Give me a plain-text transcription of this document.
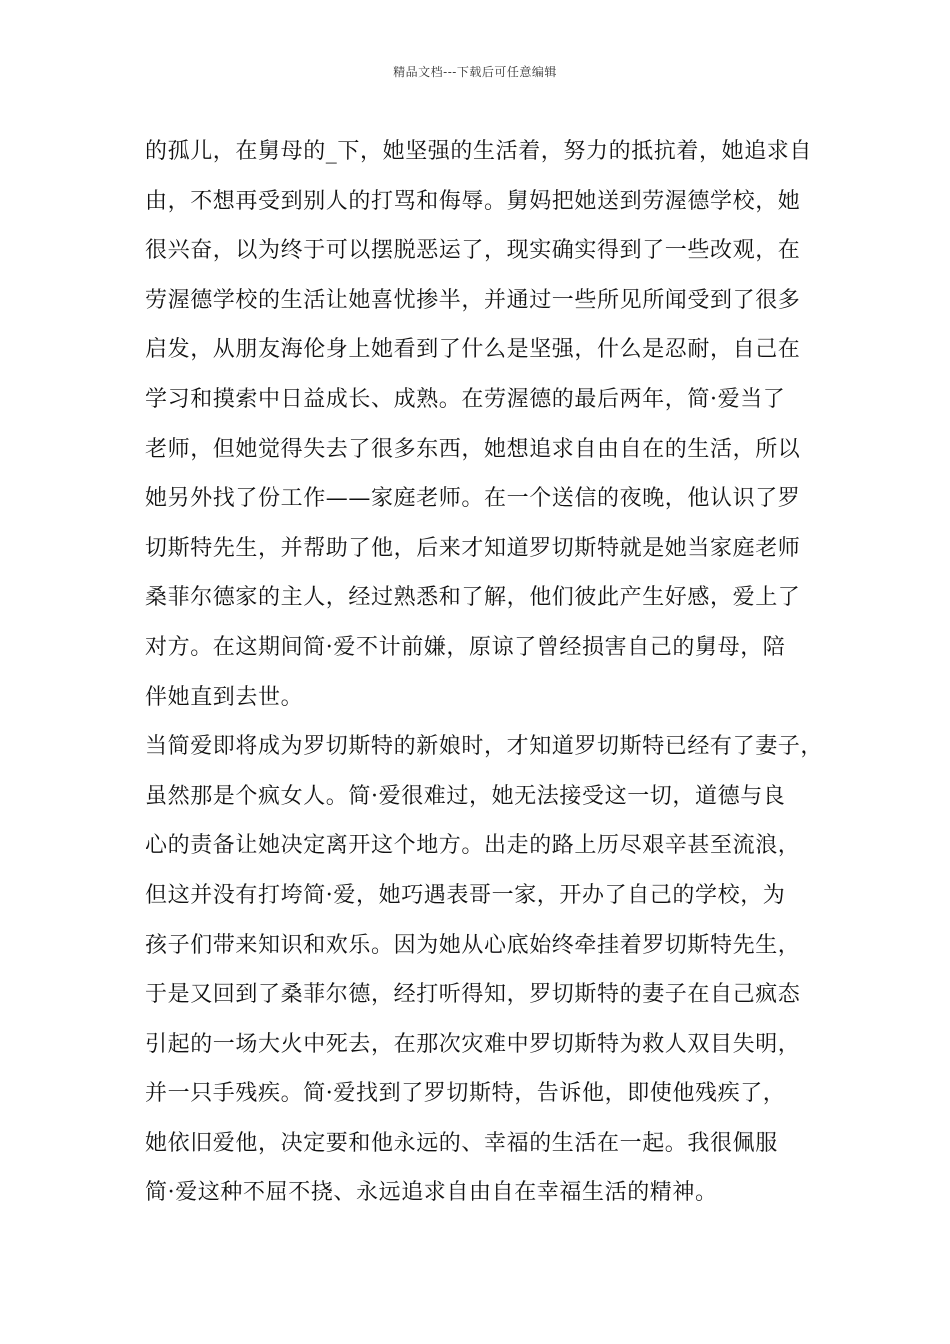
精品文档---下载后可任意编辑
的孤儿，在舅母的_下，她坚强的生活着，努力的抵抗着，她追求自
由，不想再受到别人的打骂和侮辱。舅妈把她送到劳渥德学校，她
很兴奋，以为终于可以摆脱恶运了，现实确实得到了一些改观，在
劳渥德学校的生活让她喜忧掺半，并通过一些所见所闻受到了很多
启发，从朋友海伦身上她看到了什么是坚强，什么是忍耐，自己在
学习和摸索中日益成长、成熟。在劳渥德的最后两年，简·爱当了
老师，但她觉得失去了很多东西，她想追求自由自在的生活，所以
她另外找了份工作——家庭老师。在一个送信的夜晚，他认识了罗
切斯特先生，并帮助了他，后来才知道罗切斯特就是她当家庭老师
桑菲尔德家的主人，经过熟悉和了解，他们彼此产生好感，爱上了
对方。在这期间简·爱不计前嫌，原谅了曾经损害自己的舅母，陪
伴她直到去世。
当简爱即将成为罗切斯特的新娘时，才知道罗切斯特已经有了妻子，
虽然那是个疯女人。简·爱很难过，她无法接受这一切，道德与良
心的责备让她决定离开这个地方。出走的路上历尽艰辛甚至流浪，
但这并没有打垮简·爱，她巧遇表哥一家，开办了自己的学校，为
孩子们带来知识和欢乐。因为她从心底始终牵挂着罗切斯特先生，
于是又回到了桑菲尔德，经打听得知，罗切斯特的妻子在自己疯态
引起的一场大火中死去，在那次灾难中罗切斯特为救人双目失明，
并一只手残疾。简·爱找到了罗切斯特，告诉他，即使他残疾了，
她依旧爱他，决定要和他永远的、幸福的生活在一起。我很佩服
简·爱这种不屈不挠、永远追求自由自在幸福生活的精神。
